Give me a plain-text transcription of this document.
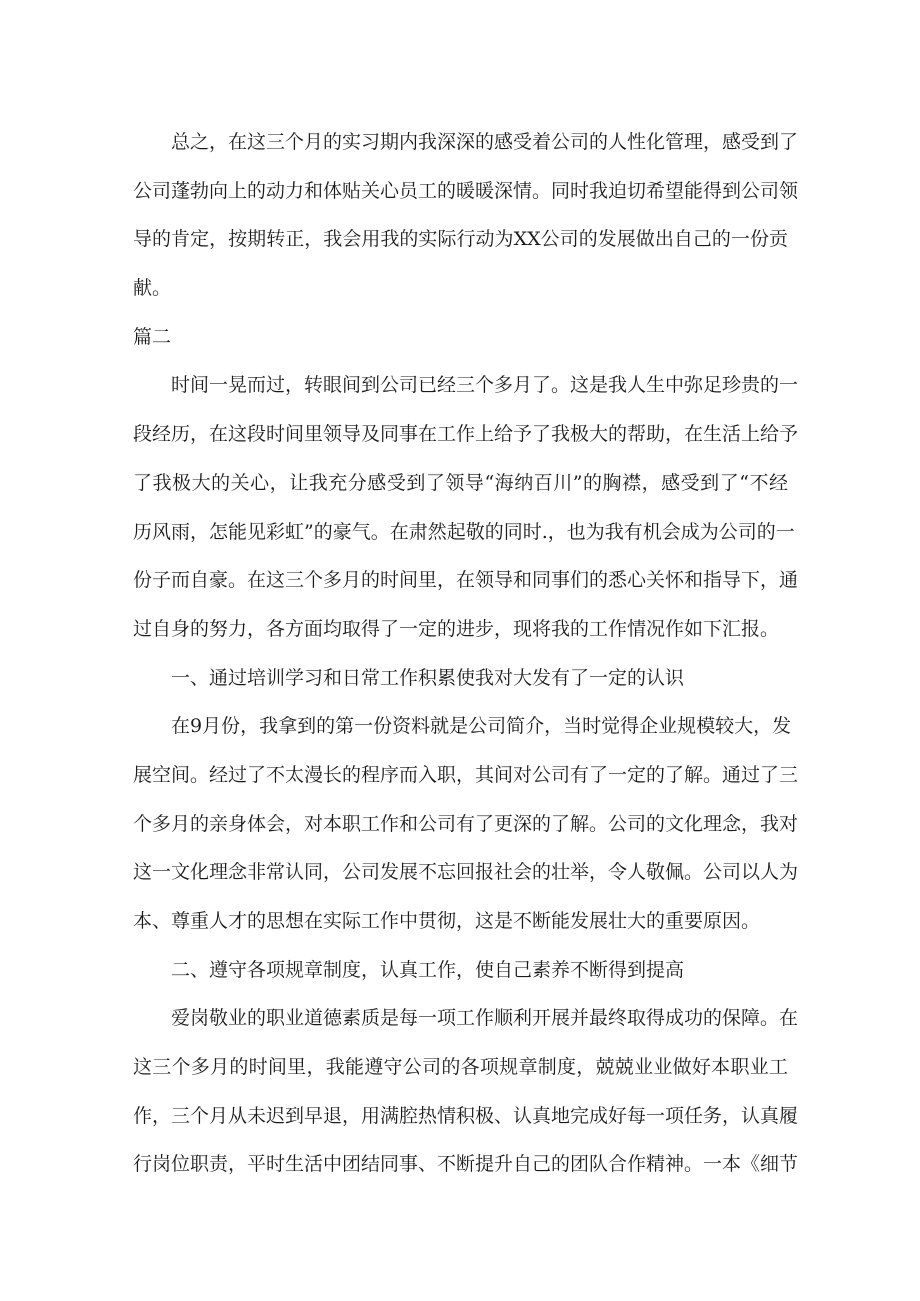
总之，在这三个月的实习期内我深深的感受着公司的人性化管理，感受到了
公司蓬勃向上的动力和体贴关心员工的暖暖深情。同时我迫切希望能得到公司领
导的肯定，按期转正，我会用我的实际行动为XX公司的发展做出自己的一份贡
献。
篇二
时间一晃而过，转眼间到公司已经三个多月了。这是我人生中弥足珍贵的一
段经历，在这段时间里领导及同事在工作上给予了我极大的帮助，在生活上给予
了我极大的关心，让我充分感受到了领导“海纳百川”的胸襟，感受到了“不经
历风雨，怎能见彩虹”的豪气。在肃然起敬的同时.，也为我有机会成为公司的一
份子而自豪。在这三个多月的时间里，在领导和同事们的悉心关怀和指导下，通
过自身的努力，各方面均取得了一定的进步，现将我的工作情况作如下汇报。
一、通过培训学习和日常工作积累使我对大发有了一定的认识
在9月份，我拿到的第一份资料就是公司简介，当时觉得企业规模较大，发
展空间。经过了不太漫长的程序而入职，其间对公司有了一定的了解。通过了三
个多月的亲身体会，对本职工作和公司有了更深的了解。公司的文化理念，我对
这一文化理念非常认同，公司发展不忘回报社会的壮举，令人敬佩。公司以人为
本、尊重人才的思想在实际工作中贯彻，这是不断能发展壮大的重要原因。
二、遵守各项规章制度，认真工作，使自己素养不断得到提高
爱岗敬业的职业道德素质是每一项工作顺利开展并最终取得成功的保障。在
这三个多月的时间里，我能遵守公司的各项规章制度，兢兢业业做好本职业工
作，三个月从未迟到早退，用满腔热情积极、认真地完成好每一项任务，认真履
行岗位职责，平时生活中团结同事、不断提升自己的团队合作精神。一本《细节
